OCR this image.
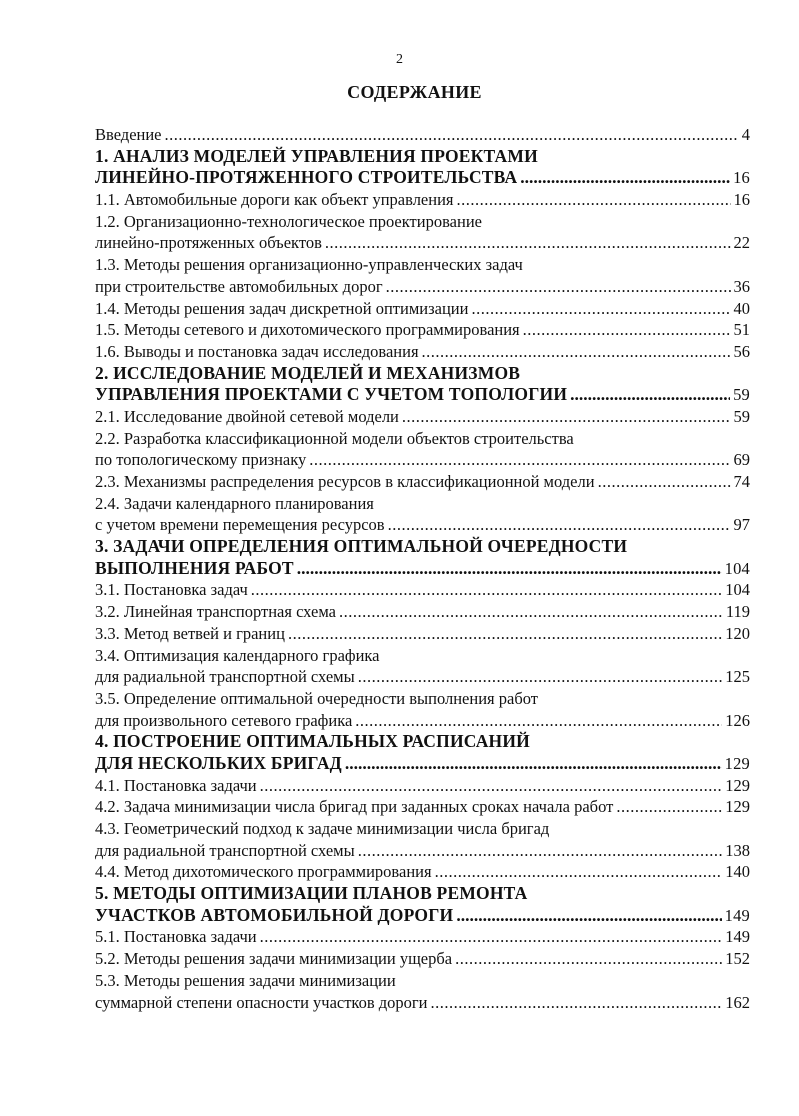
2
СОДЕРЖАНИЕ
Введение .....	4
1. АНАЛИЗ МОДЕЛЕЙ УПРАВЛЕНИЯ ПРОЕКТАМИ
ЛИНЕЙНО-ПРОТЯЖЕННОГО СТРОИТЕЛЬСТВА .....	16
1.1. Автомобильные дороги как объект управления .....	16
1.2. Организационно-технологическое проектирование
линейно-протяженных объектов .....	22
1.3. Методы решения организационно-управленческих задач
при строительстве автомобильных дорог .....	36
1.4. Методы решения задач дискретной оптимизации .....	40
1.5. Методы сетевого и дихотомического программирования .....	51
1.6. Выводы и постановка задач исследования .....	56
2. ИССЛЕДОВАНИЕ МОДЕЛЕЙ И МЕХАНИЗМОВ
УПРАВЛЕНИЯ ПРОЕКТАМИ С УЧЕТОМ ТОПОЛОГИИ .....	59
2.1. Исследование двойной сетевой модели .....	59
2.2. Разработка классификационной модели объектов строительства
по топологическому признаку .....	69
2.3. Механизмы распределения ресурсов в классификационной модели .....	74
2.4. Задачи календарного планирования
с учетом времени перемещения ресурсов .....	97
3. ЗАДАЧИ ОПРЕДЕЛЕНИЯ ОПТИМАЛЬНОЙ ОЧЕРЕДНОСТИ
ВЫПОЛНЕНИЯ РАБОТ .....	104
3.1. Постановка задач .....	104
3.2. Линейная транспортная схема .....	119
3.3. Метод ветвей и границ .....	120
3.4. Оптимизация календарного графика
для радиальной транспортной схемы .....	125
3.5. Определение оптимальной очередности выполнения работ
для произвольного сетевого графика .....	126
4. ПОСТРОЕНИЕ ОПТИМАЛЬНЫХ РАСПИСАНИЙ
ДЛЯ НЕСКОЛЬКИХ БРИГАД .....	129
4.1. Постановка задачи .....	129
4.2. Задача минимизации числа бригад при заданных сроках начала работ .....	129
4.3. Геометрический подход к задаче минимизации числа бригад
для радиальной транспортной схемы .....	138
4.4. Метод дихотомического программирования .....	140
5. МЕТОДЫ ОПТИМИЗАЦИИ ПЛАНОВ РЕМОНТА
УЧАСТКОВ АВТОМОБИЛЬНОЙ ДОРОГИ .....	149
5.1. Постановка задачи .....	149
5.2. Методы решения задачи минимизации ущерба .....	152
5.3. Методы решения задачи минимизации
суммарной степени опасности участков дороги .....	162
